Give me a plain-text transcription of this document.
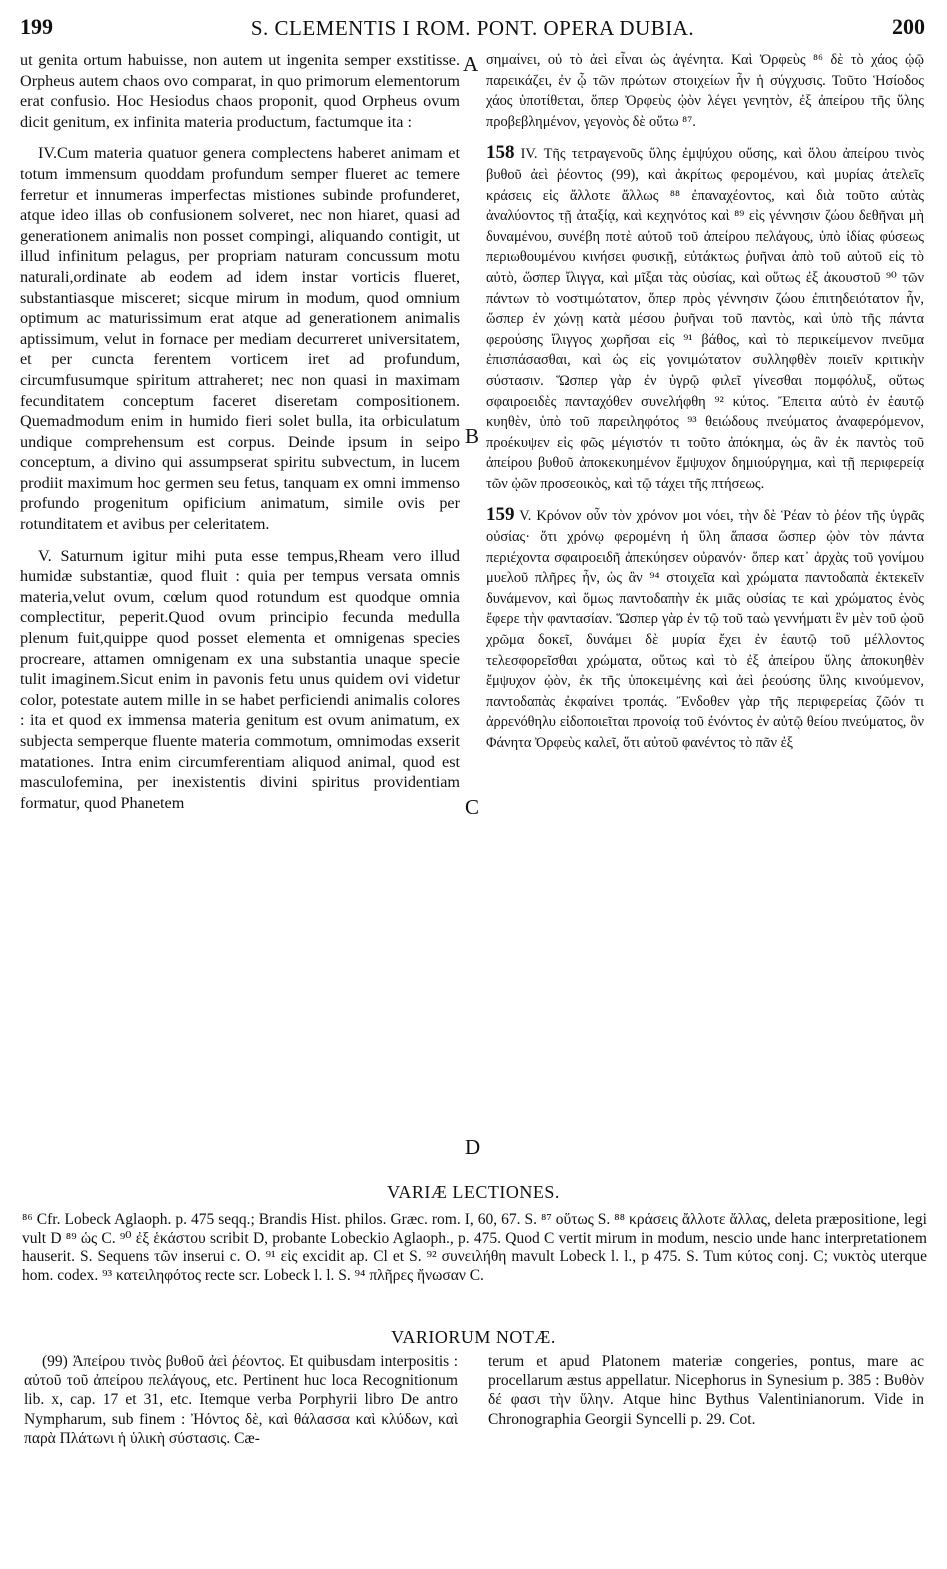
199	S. CLEMENTIS I ROM. PONT. OPERA DUBIA.	200

ut genita ortum habuisse, non autem ut ingenita semper exstitisse. Orpheus autem chaos ovo comparat, in quo primorum elementorum erat confusio. Hoc Hesiodus chaos proponit, quod Orpheus ovum dicit genitum, ex infinita materia productum, factumque ita :

IV.Cum materia quatuor genera complectens haberet animam et totum immensum quoddam profundum semper flueret ac temere ferretur et innumeras imperfectas mistiones subinde profunderet, atque ideo illas ob confusionem solveret, nec non hiaret, quasi ad generationem animalis non posset compingi, aliquando contigit, ut illud infinitum pelagus, per propriam naturam concussum motu naturali,ordinate ab eodem ad idem instar vorticis flueret, substantiasque misceret; sicque mirum in modum, quod omnium optimum ac maturissimum erat atque ad generationem animalis aptissimum, velut in fornace per mediam decurreret universitatem, et per cuncta ferentem vorticem iret ad profundum, circumfusumque spiritum attraheret; nec non quasi in maximam fecunditatem conceptum faceret diseretam compositionem. Quemadmodum enim in humido fieri solet bulla, ita orbiculatum undique comprehensum est corpus. Deinde ipsum in seipo conceptum, a divino qui assumpserat spiritu subvectum, in lucem prodiit maximum hoc germen seu fetus, tanquam ex omni immenso profundo progenitum opificium animatum, simile ovis per rotunditatem et avibus per celeritatem.

V. Saturnum igitur mihi puta esse tempus,Rheam vero illud humidæ substantiæ, quod fluit : quia per tempus versata omnis materia,velut ovum, cœlum quod rotundum est quodque omnia complectitur, peperit.Quod ovum principio fecunda medulla plenum fuit,quippe quod posset elementa et omnigenas species procreare, attamen omnigenam ex una substantia unaque specie tulit imaginem.Sicut enim in pavonis fetu unus quidem ovi videtur color, potestate autem mille in se habet perficiendi animalis colores : ita et quod ex immensa materia genitum est ovum animatum, ex subjecta semperque fluente materia commotum, omnimodas exserit matationes. Intra enim circumferentiam aliquod animal, quod est masculofemina, per inexistentis divini spiritus providentiam formatur, quod Phanetem

A
B
C
D

σημαίνει, οὐ τὸ ἀεὶ εἶναι ὡς ἀγένητα. Καὶ Ὀρφεὺς ⁸⁶ δὲ τὸ χάος ᾠῷ παρεικάζει, ἐν ᾧ τῶν πρώτων στοιχείων ἦν ἡ σύγχυσις. Τοῦτο Ἡσίοδος χάος ὑποτίθεται, ὅπερ Ὀρφεὺς ᾠὸν λέγει γενητὸν, ἐξ ἀπείρου τῆς ὕλης προβεβλημένον, γεγονὸς δὲ οὕτω ⁸⁷.

158 IV. Τῆς τετραγενοῦς ὕλης ἐμψύχου οὔσης, καὶ ὅλου ἀπείρου τινὸς βυθοῦ ἀεὶ ῥέοντος (99), καὶ ἀκρίτως φερομένου, καὶ μυρίας ἀτελεῖς κράσεις εἰς ἄλλοτε ἄλλως ⁸⁸ ἐπαναχέοντος, καὶ διὰ τοῦτο αὐτὰς ἀναλύοντος τῇ ἀταξίᾳ, καὶ κεχηνότος καὶ ⁸⁹ εἰς γέννησιν ζώου δεθῆναι μὴ δυναμένου, συνέβη ποτὲ αὐτοῦ τοῦ ἀπείρου πελάγους, ὑπὸ ἰδίας φύσεως περιωθουμένου κινήσει φυσικῇ, εὐτάκτως ῥυῆναι ἀπὸ τοῦ αὐτοῦ εἰς τὸ αὐτὸ, ὥσπερ ἴλιγγα, καὶ μῖξαι τὰς οὐσίας, καὶ οὕτως ἐξ ἀκουστοῦ ⁹⁰ τῶν πάντων τὸ νοστιμώτατον, ὅπερ πρὸς γέννησιν ζώου ἐπιτηδειότατον ἦν, ὥσπερ ἐν χώνῃ κατὰ μέσου ῥυῆναι τοῦ παντὸς, καὶ ὑπὸ τῆς πάντα φερούσης ἴλιγγος χωρῆσαι εἰς ⁹¹ βάθος, καὶ τὸ περικείμενον πνεῦμα ἐπισπάσασθαι, καὶ ὡς εἰς γονιμώτατον συλληφθὲν ποιεῖν κριτικὴν σύστασιν. Ὥσπερ γὰρ ἐν ὑγρῷ φιλεῖ γίνεσθαι πομφόλυξ, οὕτως σφαιροειδὲς πανταχόθεν συνελήφθη ⁹² κύτος. Ἔπειτα αὐτὸ ἐν ἑαυτῷ κυηθὲν, ὑπὸ τοῦ παρειληφότος ⁹³ θειώδους πνεύματος ἀναφερόμενον, προέκυψεν εἰς φῶς μέγιστόν τι τοῦτο ἀπόκημα, ὡς ἂν ἐκ παντὸς τοῦ ἀπείρου βυθοῦ ἀποκεκυημένον ἔμψυχον δημιούργημα, καὶ τῇ περιφερείᾳ τῶν ᾠῶν προσεοικὸς, καὶ τῷ τάχει τῆς πτήσεως.

159 V. Κρόνον οὖν τὸν χρόνον μοι νόει, τὴν δὲ Ῥέαν τὸ ῥέον τῆς ὑγρᾶς οὐσίας· ὅτι χρόνῳ φερομένη ἡ ὕλη ἅπασα ὥσπερ ᾠὸν τὸν πάντα περιέχοντα σφαιροειδῆ ἀπεκύησεν οὐρανόν· ὅπερ κατ᾽ ἀρχὰς τοῦ γονίμου μυελοῦ πλῆρες ἦν, ὡς ἂν ⁹⁴ στοιχεῖα καὶ χρώματα παντοδαπὰ ἐκτεκεῖν δυνάμενον, καὶ ὅμως παντοδαπὴν ἐκ μιᾶς οὐσίας τε καὶ χρώματος ἑνὸς ἔφερε τὴν φαντασίαν. Ὥσπερ γὰρ ἐν τῷ τοῦ ταὼ γεννήματι ἓν μὲν τοῦ ᾠοῦ χρῶμα δοκεῖ, δυνάμει δὲ μυρία ἔχει ἐν ἑαυτῷ τοῦ μέλλοντος τελεσφορεῖσθαι χρώματα, οὕτως καὶ τὸ ἐξ ἀπείρου ὕλης ἀποκυηθὲν ἔμψυχον ᾠὸν, ἐκ τῆς ὑποκειμένης καὶ ἀεὶ ῥεούσης ὕλης κινούμενον, παντοδαπὰς ἐκφαίνει τροπάς. Ἔνδοθεν γὰρ τῆς περιφερείας ζῶόν τι ἀρρενόθηλυ εἰδοποιεῖται προνοίᾳ τοῦ ἐνόντος ἐν αὐτῷ θείου πνεύματος, ὃν Φάνητα Ὀρφεὺς καλεῖ, ὅτι αὐτοῦ φανέντος τὸ πᾶν ἐξ

VARIÆ LECTIONES.

⁸⁶ Cfr. Lobeck Aglaoph. p. 475 seqq.; Brandis Hist. philos. Græc. rom. I, 60, 67. S. ⁸⁷ οὕτως S. ⁸⁸ κράσεις ἄλλοτε ἄλλας, deleta præpositione, legi vult D ⁸⁹ ὡς C. ⁹⁰ ἐξ ἑκάστου scribit D, probante Lobeckio Aglaoph., p. 475. Quod C vertit mirum in modum, nescio unde hanc interpretationem hauserit. S. Sequens τῶν inserui c. O. ⁹¹ εἰς excidit ap. Cl et S. ⁹² συνειλήθη mavult Lobeck l. l., p 475. S. Tum κύτος conj. C; νυκτὸς uterque hom. codex. ⁹³ κατειληφότος recte scr. Lobeck l. l. S. ⁹⁴ πλῆρες ἤνωσαν C.

VARIORUM NOTÆ.

(99) Ἀπείρου τινὸς βυθοῦ ἀεὶ ῥέοντος. Et quibusdam interpositis : αὐτοῦ τοῦ ἀπείρου πελάγους, etc. Pertinent huc loca Recognitionum lib. x, cap. 17 et 31, etc. Itemque verba Porphyrii libro De antro Nympharum, sub finem : Ἠόντος δὲ, καὶ θάλασσα καὶ κλύδων, καὶ παρὰ Πλάτωνι ἡ ὑλικὴ σύστασις. Cæ-

terum et apud Platonem materiæ congeries, pontus, mare ac procellarum æstus appellatur. Nicephorus in Synesium p. 385 : Βυθὸν δέ φασι τὴν ὕλην. Atque hinc Bythus Valentinianorum. Vide in Chronographia Georgii Syncelli p. 29. Cot.
